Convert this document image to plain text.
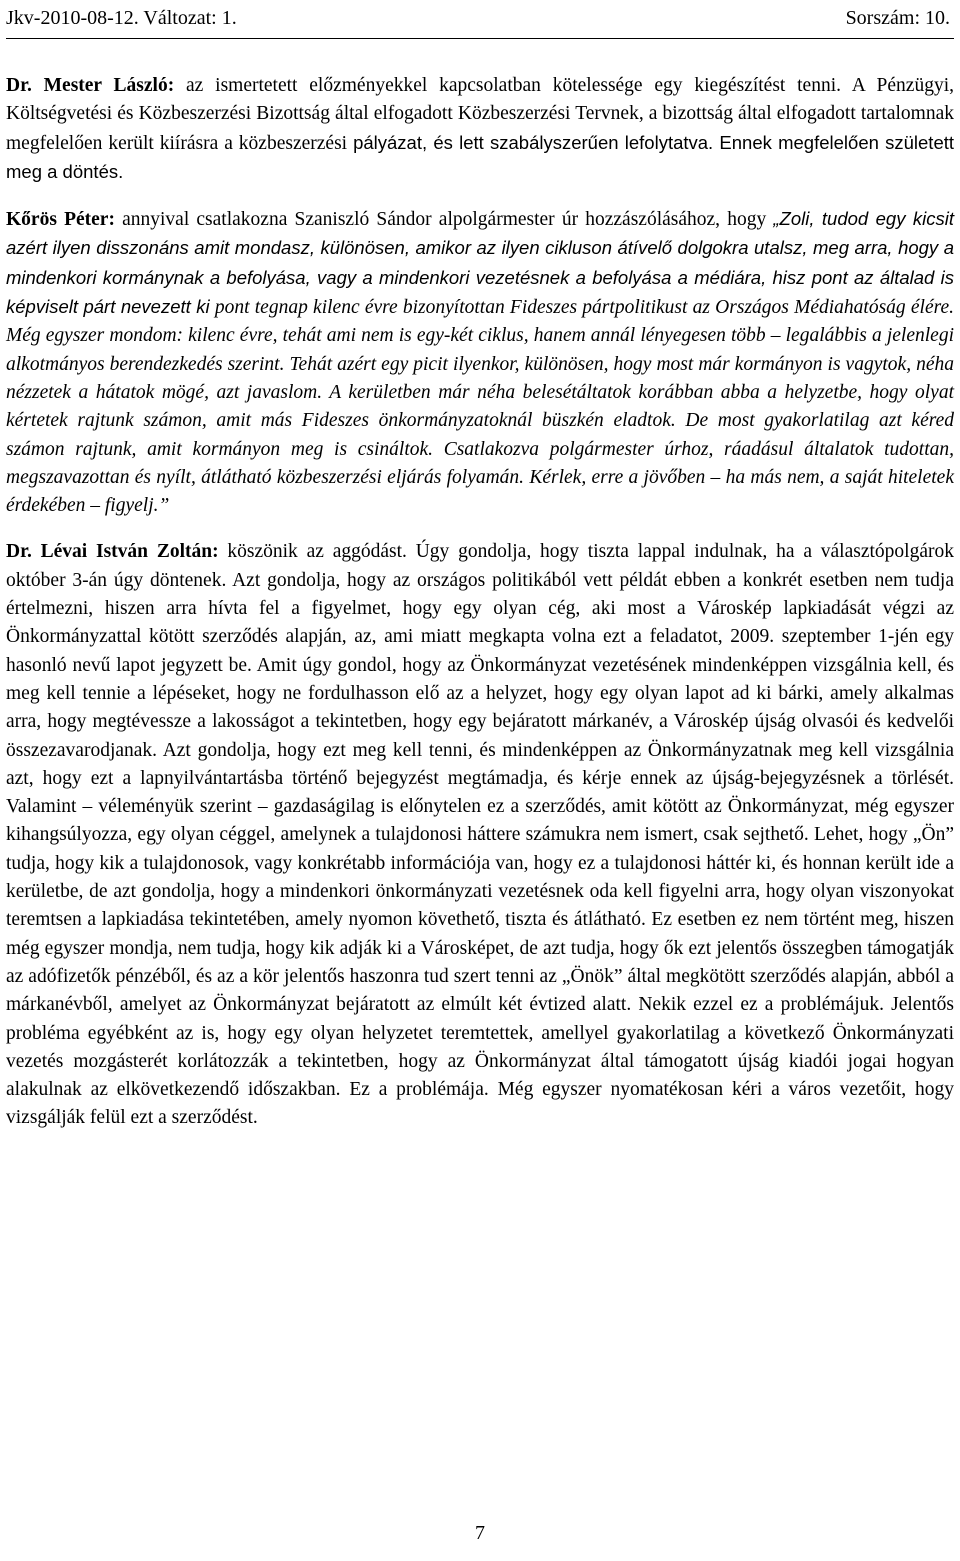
Jkv-2010-08-12. Változat: 1.	Sorszám: 10.

Dr. Mester László: az ismertetett előzményekkel kapcsolatban kötelessége egy kiegészítést tenni. A Pénzügyi, Költségvetési és Közbeszerzési Bizottság által elfogadott Közbeszerzési Tervnek, a bizottság által elfogadott tartalomnak megfelelően került kiírásra a közbeszerzési pályázat, és lett szabályszerűen lefolytatva. Ennek megfelelően született meg a döntés.

Kőrös Péter: annyival csatlakozna Szaniszló Sándor alpolgármester úr hozzászólásához, hogy „Zoli, tudod egy kicsit azért ilyen disszonáns amit mondasz, különösen, amikor az ilyen cikluson átívelő dolgokra utalsz, meg arra, hogy a mindenkori kormánynak a befolyása, vagy a mindenkori vezetésnek a befolyása a médiára, hisz pont az általad is képviselt párt nevezett ki pont tegnap kilenc évre bizonyítottan Fideszes pártpolitikust az Országos Médiahatóság élére. Még egyszer mondom: kilenc évre, tehát ami nem is egy-két ciklus, hanem annál lényegesen több – legalábbis a jelenlegi alkotmányos berendezkedés szerint. Tehát azért egy picit ilyenkor, különösen, hogy most már kormányon is vagytok, néha nézzetek a hátatok mögé, azt javaslom. A kerületben már néha belesétáltatok korábban abba a helyzetbe, hogy olyat kértetek rajtunk számon, amit más Fideszes önkormányzatoknál büszkén eladtok. De most gyakorlatilag azt kéred számon rajtunk, amit kormányon meg is csináltok. Csatlakozva polgármester úrhoz, ráadásul általatok tudottan, megszavazottan és nyílt, átlátható közbeszerzési eljárás folyamán. Kérlek, erre a jövőben – ha más nem, a saját hiteletek érdekében – figyelj.”

Dr. Lévai István Zoltán: köszönik az aggódást. Úgy gondolja, hogy tiszta lappal indulnak, ha a választópolgárok október 3-án úgy döntenek. Azt gondolja, hogy az országos politikából vett példát ebben a konkrét esetben nem tudja értelmezni, hiszen arra hívta fel a figyelmet, hogy egy olyan cég, aki most a Városkép lapkiadását végzi az Önkormányzattal kötött szerződés alapján, az, ami miatt megkapta volna ezt a feladatot, 2009. szeptember 1-jén egy hasonló nevű lapot jegyzett be. Amit úgy gondol, hogy az Önkormányzat vezetésének mindenképpen vizsgálnia kell, és meg kell tennie a lépéseket, hogy ne fordulhasson elő az a helyzet, hogy egy olyan lapot ad ki bárki, amely alkalmas arra, hogy megtévessze a lakosságot a tekintetben, hogy egy bejáratott márkanév, a Városkép újság olvasói és kedvelői összezavarodjanak. Azt gondolja, hogy ezt meg kell tenni, és mindenképpen az Önkormányzatnak meg kell vizsgálnia azt, hogy ezt a lapnyilvántartásba történő bejegyzést megtámadja, és kérje ennek az újság-bejegyzésnek a törlését. Valamint – véleményük szerint – gazdaságilag is előnytelen ez a szerződés, amit kötött az Önkormányzat, még egyszer kihangsúlyozza, egy olyan céggel, amelynek a tulajdonosi háttere számukra nem ismert, csak sejthető. Lehet, hogy „Ön” tudja, hogy kik a tulajdonosok, vagy konkrétabb információja van, hogy ez a tulajdonosi háttér ki, és honnan került ide a kerületbe, de azt gondolja, hogy a mindenkori önkormányzati vezetésnek oda kell figyelni arra, hogy olyan viszonyokat teremtsen a lapkiadása tekintetében, amely nyomon követhető, tiszta és átlátható. Ez esetben ez nem történt meg, hiszen még egyszer mondja, nem tudja, hogy kik adják ki a Városképet, de azt tudja, hogy ők ezt jelentős összegben támogatják az adófizetők pénzéből, és az a kör jelentős haszonra tud szert tenni az „Önök” által megkötött szerződés alapján, abból a márkanévből, amelyet az Önkormányzat bejáratott az elmúlt két évtized alatt. Nekik ezzel ez a problémájuk. Jelentős probléma egyébként az is, hogy egy olyan helyzetet teremtettek, amellyel gyakorlatilag a következő Önkormányzati vezetés mozgásterét korlátozzák a tekintetben, hogy az Önkormányzat által támogatott újság kiadói jogai hogyan alakulnak az elkövetkezendő időszakban. Ez a problémája. Még egyszer nyomatékosan kéri a város vezetőit, hogy vizsgálják felül ezt a szerződést.

7
